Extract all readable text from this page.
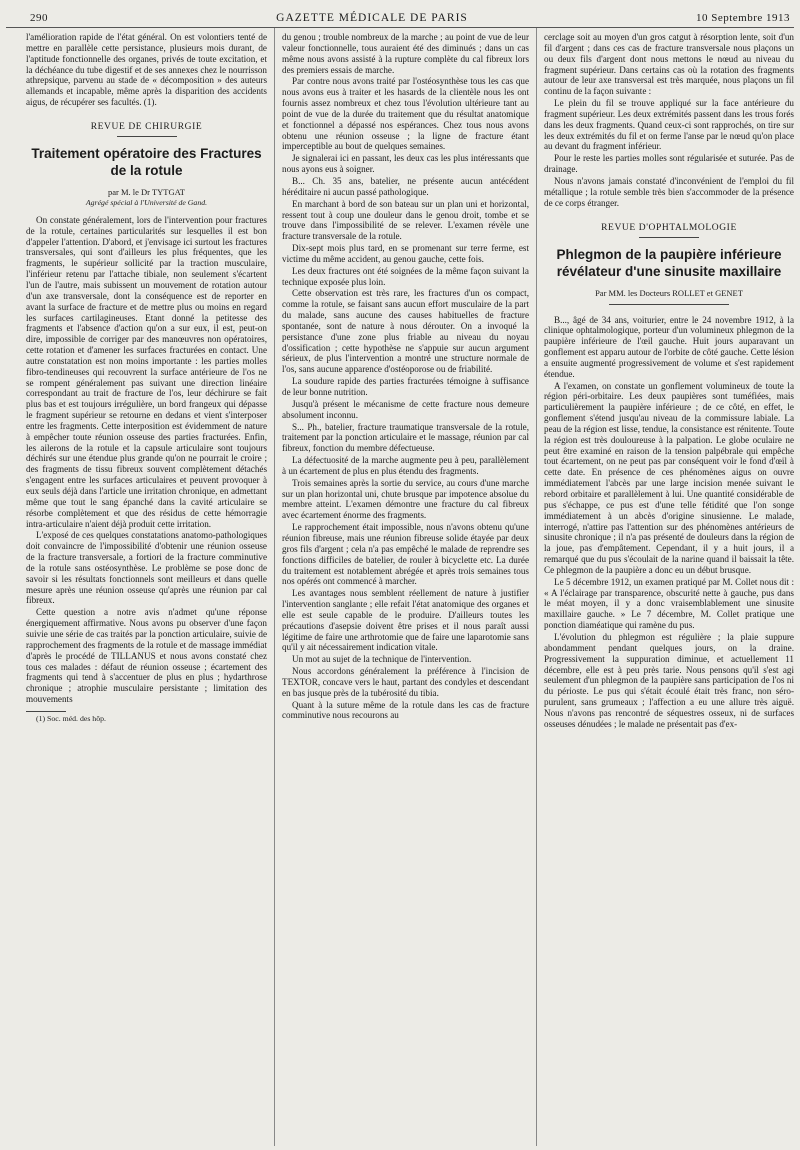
290	GAZETTE MÉDICALE DE PARIS	10 Septembre 1913

l'amélioration rapide de l'état général. On est volontiers tenté de mettre en parallèle cette persistance, plusieurs mois durant, de l'aptitude fonctionnelle des organes, privés de toute excitation, et la déchéance du tube digestif et de ses annexes chez le nourrisson athrepsique, parvenu au stade de « décomposition » des auteurs allemands et incapable, même après la disparition des accidents aigus, de récupérer ses facultés. (1).

REVUE DE CHIRURGIE
Traitement opératoire des Fractures de la rotule
par M. le Dr TYTGAT
Agrégé spécial à l'Université de Gand.

On constate généralement, lors de l'intervention pour fractures de la rotule, certaines particularités sur lesquelles il est bon d'appeler l'attention. D'abord, et j'envisage ici surtout les fractures transversales, qui sont d'ailleurs les plus fréquentes, que les fragments, le supérieur sollicité par la traction musculaire, l'inférieur retenu par l'attache tibiale, non seulement s'écartent l'un de l'autre, mais subissent un mouvement de rotation autour d'un axe transversale, dont la conséquence est de reporter en avant la surface de fracture et de mettre plus ou moins en regard les surfaces cartilagineuses. Etant donné la petitesse des fragments et l'absence d'action qu'on a sur eux, il est, peut-on dire, impossible de corriger par des manœuvres non opératoires, cette rotation et d'amener les surfaces fracturées en contact. Une autre constatation est non moins importante : les parties molles fibro-tendineuses qui recouvrent la surface antérieure de l'os ne se rompent généralement pas suivant une direction linéaire correspondant au trait de fracture de l'os, leur déchirure se fait plus bas et est toujours irrégulière, un bord frangeux qui dépasse le fragment supérieur se retourne en dedans et vient s'interposer entre les fragments. Cette interposition est évidemment de nature à empêcher toute réunion osseuse des parties fracturées. Enfin, les ailerons de la rotule et la capsule articulaire sont toujours déchirés sur une étendue plus grande qu'on ne pourrait le croire ; des fragments de tissu fibreux souvent complètement détachés s'engagent entre les surfaces articulaires et peuvent provoquer à eux seuls déjà dans l'article une irritation chronique, en admettant même que tout le sang épanché dans la cavité articulaire se résorbe complètement et que des résidus de cette hémorragie intra-articulaire n'aient déjà produit cette irritation.

L'exposé de ces quelques constatations anatomo-pathologiques doit convaincre de l'impossibilité d'obtenir une réunion osseuse de la fracture transversale, a fortiori de la fracture comminutive de la rotule sans ostéosynthèse. Le problème se pose donc de savoir si les résultats fonctionnels sont meilleurs et dans quelle mesure après une réunion osseuse qu'après une réunion par cal fibreux.

Cette question a notre avis n'admet qu'une réponse énergiquement affirmative. Nous avons pu observer d'une façon suivie une série de cas traités par la ponction articulaire, suivie de rapprochement des fragments de la rotule et de massage immédiat d'après le procédé de TILLANUS et nous avons constaté chez tous ces malades : défaut de réunion osseuse ; écartement des fragments qui tend à s'accentuer de plus en plus ; hydarthrose chronique ; atrophie musculaire persistante ; limitation des mouvements

(1) Soc. méd. des hôp.

du genou ; trouble nombreux de la marche ; au point de vue de leur valeur fonctionnelle, tous auraient été des diminués ; dans un cas même nous avons assisté à la rupture complète du cal fibreux lors des premiers essais de marche.

Par contre nous avons traité par l'ostéosynthèse tous les cas que nous avons eus à traiter et les hasards de la clientèle nous les ont fournis assez nombreux et chez tous l'évolution ultérieure tant au point de vue de la durée du traitement que du résultat anatomique et fonctionnel a dépassé nos espérances. Chez tous nous avons obtenu une réunion osseuse ; la ligne de fracture étant imperceptible au bout de quelques semaines.

Je signalerai ici en passant, les deux cas les plus intéressants que nous ayons eus à soigner.

B... Ch. 35 ans, batelier, ne présente aucun antécédent héréditaire ni aucun passé pathologique.

En marchant à bord de son bateau sur un plan uni et horizontal, ressent tout à coup une douleur dans le genou droit, tombe et se trouve dans l'impossibilité de se relever. L'examen révèle une fracture transversale de la rotule.

Dix-sept mois plus tard, en se promenant sur terre ferme, est victime du même accident, au genou gauche, cette fois.

Les deux fractures ont été soignées de la même façon suivant la technique exposée plus loin.

Cette observation est très rare, les fractures d'un os compact, comme la rotule, se faisant sans aucun effort musculaire de la part du malade, sans aucune des causes habituelles de fracture spontanée, sont de nature à nous dérouter. On a invoqué la persistance d'une zone plus friable au niveau du noyau d'ossification ; cette hypothèse ne s'appuie sur aucun argument sérieux, de plus l'intervention a montré une structure normale de l'os, sans aucune apparence d'ostéoporose ou de friabilité.

La soudure rapide des parties fracturées témoigne à suffisance de leur bonne nutrition.

Jusqu'à présent le mécanisme de cette fracture nous demeure absolument inconnu.

S... Ph., batelier, fracture traumatique transversale de la rotule, traitement par la ponction articulaire et le massage, réunion par cal fibreux, fonction du membre défectueuse.

La défectuosité de la marche augmente peu à peu, parallèlement à un écartement de plus en plus étendu des fragments.

Trois semaines après la sortie du service, au cours d'une marche sur un plan horizontal uni, chute brusque par impotence absolue du membre atteint. L'examen démontre une fracture du cal fibreux avec écartement énorme des fragments.

Le rapprochement était impossible, nous n'avons obtenu qu'une réunion fibreuse, mais une réunion fibreuse solide étayée par deux gros fils d'argent ; cela n'a pas empêché le malade de reprendre ses fonctions difficiles de batelier, de rouler à bicyclette etc. La durée du traitement est notablement abrégée et après trois semaines tous nos opérés ont commencé à marcher.

Les avantages nous semblent réellement de nature à justifier l'intervention sanglante ; elle refait l'état anatomique des organes et elle est seule capable de le produire. D'ailleurs toutes les précautions d'asepsie doivent être prises et il nous paraît aussi légitime de faire une arthrotomie que de faire une laparotomie sans qu'il y ait nécessairement indication vitale.

Un mot au sujet de la technique de l'intervention.

Nous accordons généralement la préférence à l'incision de TEXTOR, concave vers le haut, partant des condyles et descendant en bas jusque près de la tubérosité du tibia.

Quant à la suture même de la rotule dans les cas de fracture comminutive nous recourons au

cerclage soit au moyen d'un gros catgut à résorption lente, soit d'un fil d'argent ; dans ces cas de fracture transversale nous plaçons un ou deux fils d'argent dont nous mettons le nœud au niveau du fragment supérieur. Dans certains cas où la rotation des fragments autour de leur axe transversal est très marquée, nous plaçons un fil continu de la façon suivante :

Le plein du fil se trouve appliqué sur la face antérieure du fragment supérieur. Les deux extrémités passent dans les trous forés dans les deux fragments. Quand ceux-ci sont rapprochés, on tire sur les deux extrémités du fil et on ferme l'anse par le nœud qu'on place au devant du fragment inférieur.

Pour le reste les parties molles sont régularisée et suturée. Pas de drainage.

Nous n'avons jamais constaté d'inconvénient de l'emploi du fil métallique ; la rotule semble très bien s'accommoder de la présence de ce corps étranger.

REVUE D'OPHTALMOLOGIE
Phlegmon de la paupière inférieure révélateur d'une sinusite maxillaire
Par MM. les Docteurs ROLLET et GENET

B..., âgé de 34 ans, voiturier, entre le 24 novembre 1912, à la clinique ophtalmologique, porteur d'un volumineux phlegmon de la paupière inférieure de l'œil gauche. Huit jours auparavant un gonflement est apparu autour de l'orbite de côté gauche. Cette lésion a ensuite augmenté progressivement de volume et s'est rapidement étendue.

A l'examen, on constate un gonflement volumineux de toute la région péri-orbitaire. Les deux paupières sont tuméfiées, mais particulièrement la paupière inférieure ; de ce côté, en effet, le gonflement s'étend jusqu'au niveau de la commissure labiale. La peau de la région est lisse, tendue, la consistance est rénitente. Toute la région est très douloureuse à la palpation. Le globe oculaire ne peut être examiné en raison de la tension palpébrale qui empêche tout écartement, on ne peut pas par conséquent voir le fond d'œil à cette date. En présence de ces phénomènes aigus on ouvre immédiatement l'abcès par une large incision menée suivant le rebord orbitaire et parallèlement à lui. Une quantité considérable de pus s'échappe, ce pus est d'une telle fétidité que l'on songe immédiatement à un abcès d'origine sinusienne. Le malade, interrogé, n'attire pas l'attention sur des phénomènes antérieurs de sinusite chronique ; il n'a pas présenté de douleurs dans la région de la joue, pas d'empâtement. Cependant, il y a huit jours, il a remarqué que du pus s'écoulait de la narine quand il baissait la tête. Ce phlegmon de la paupière a donc eu un début brusque.

Le 5 décembre 1912, un examen pratiqué par M. Collet nous dit : « A l'éclairage par transparence, obscurité nette à gauche, pus dans le méat moyen, il y a donc vraisemblablement une sinusite maxillaire gauche. » Le 7 décembre, M. Collet pratique une ponction diaméatique qui ramène du pus.

L'évolution du phlegmon est régulière ; la plaie suppure abondamment pendant quelques jours, on la draine. Progressivement la suppuration diminue, et actuellement 11 décembre, elle est à peu près tarie. Nous pensons qu'il s'est agi seulement d'un phlegmon de la paupière sans participation de l'os ni du périoste. Le pus qui s'était écoulé était très franc, non séro-purulent, sans grumeaux ; l'affection a eu une allure très aiguë. Nous n'avons pas rencontré de séquestres osseux, ni de surfaces osseuses dénudées ; le malade ne présentait pas d'ex-
